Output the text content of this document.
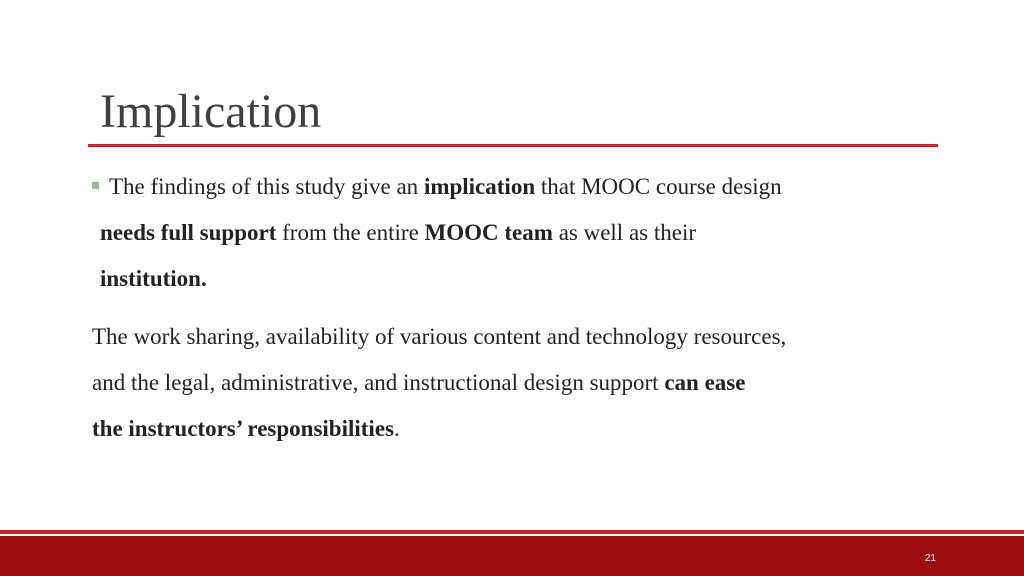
Implication
The findings of this study give an implication that MOOC course design
needs full support from the entire MOOC team as well as their
institution.
The work sharing, availability of various content and technology resources,
and the legal, administrative, and instructional design support can ease
the instructors’ responsibilities.
21
